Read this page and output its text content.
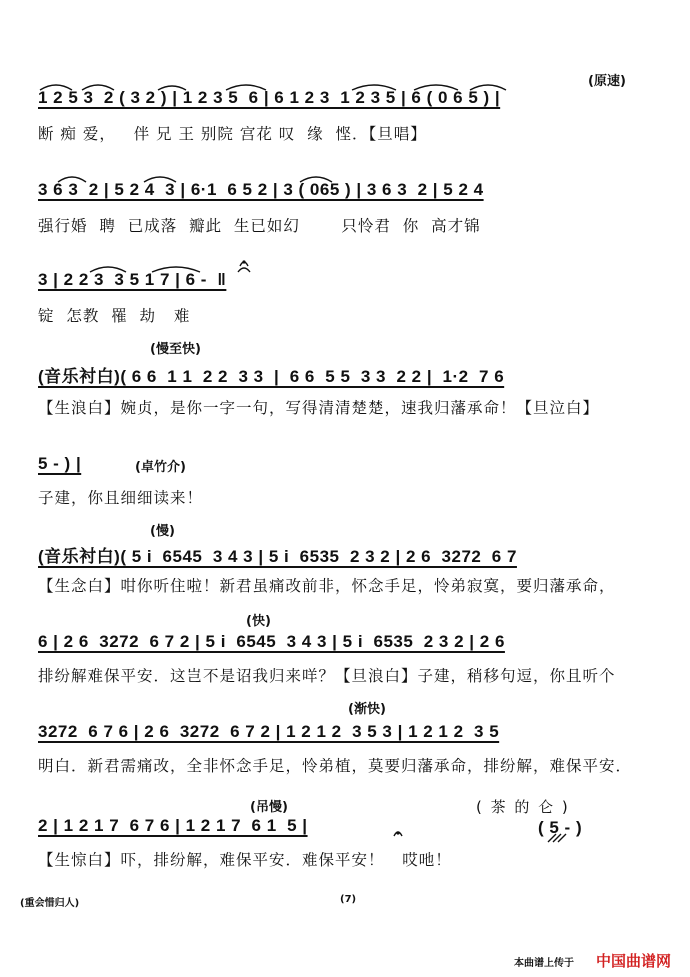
(原速)
1 2 5 3  2 ( 3 2 ) | 1 2 3 5  6 | 6 1 2 3  1 2 3 5 | 6 ( 0 6 5 ) |
断 痴 爱，   伴 兄 王 别院 宫花 叹  缘  悭．【旦唱】
3 6 3  2 | 5 2 4  3 | 6·1  6 5 2 | 3 ( 065 ) | 3 6 3  2 | 5 2 4
强行婚  聘  已成落  瓣此  生已如幻       只怜君  你  高才锦
3 | 2 2 3  3 5 1 7 | 6 -  ‖
锭  怎教  罹  劫   难
(慢至快)
(音乐衬白)( 6 6  1 1  2 2  3 3  |  6 6  5 5  3 3  2 2 |  1·2  7 6
【生浪白】婉贞，是你一字一句，写得清清楚楚，速我归藩承命！【旦泣白】
(卓竹介)
5 - ) |
子建，你且细细读来！
(慢)
(音乐衬白)( 5 i  6545  3 4 3 | 5 i  6535  2 3 2 | 2 6  3272  6 7
【生念白】咁你听住啦！新君虽痛改前非，怀念手足，怜弟寂寞，要归藩承命，
(快)
6 | 2 6  3272  6 7 2 | 5 i  6545  3 4 3 | 5 i  6535  2 3 2 | 2 6
排纷解难保平安．这岂不是诏我归来咩？【旦浪白】子建，稍移句逗，你且听个
(渐快)
3272  6 7 6 | 2 6  3272  6 7 2 | 1 2 1 2  3 5 3 | 1 2 1 2  3 5
明白．新君需痛改，全非怀念手足，怜弟植，莫要归藩承命，排纷解，难保平安．
(吊慢)	( 茶 的 仑 )
2 | 1 2 1 7  6 7 6 | 1 2 1 7  6 1  5 |	( 5 - )
【生惊白】吓，排纷解，难保平安．难保平安！   哎吔！
(重会惜归人)	(7)
本曲谱上传于 中国曲谱网
